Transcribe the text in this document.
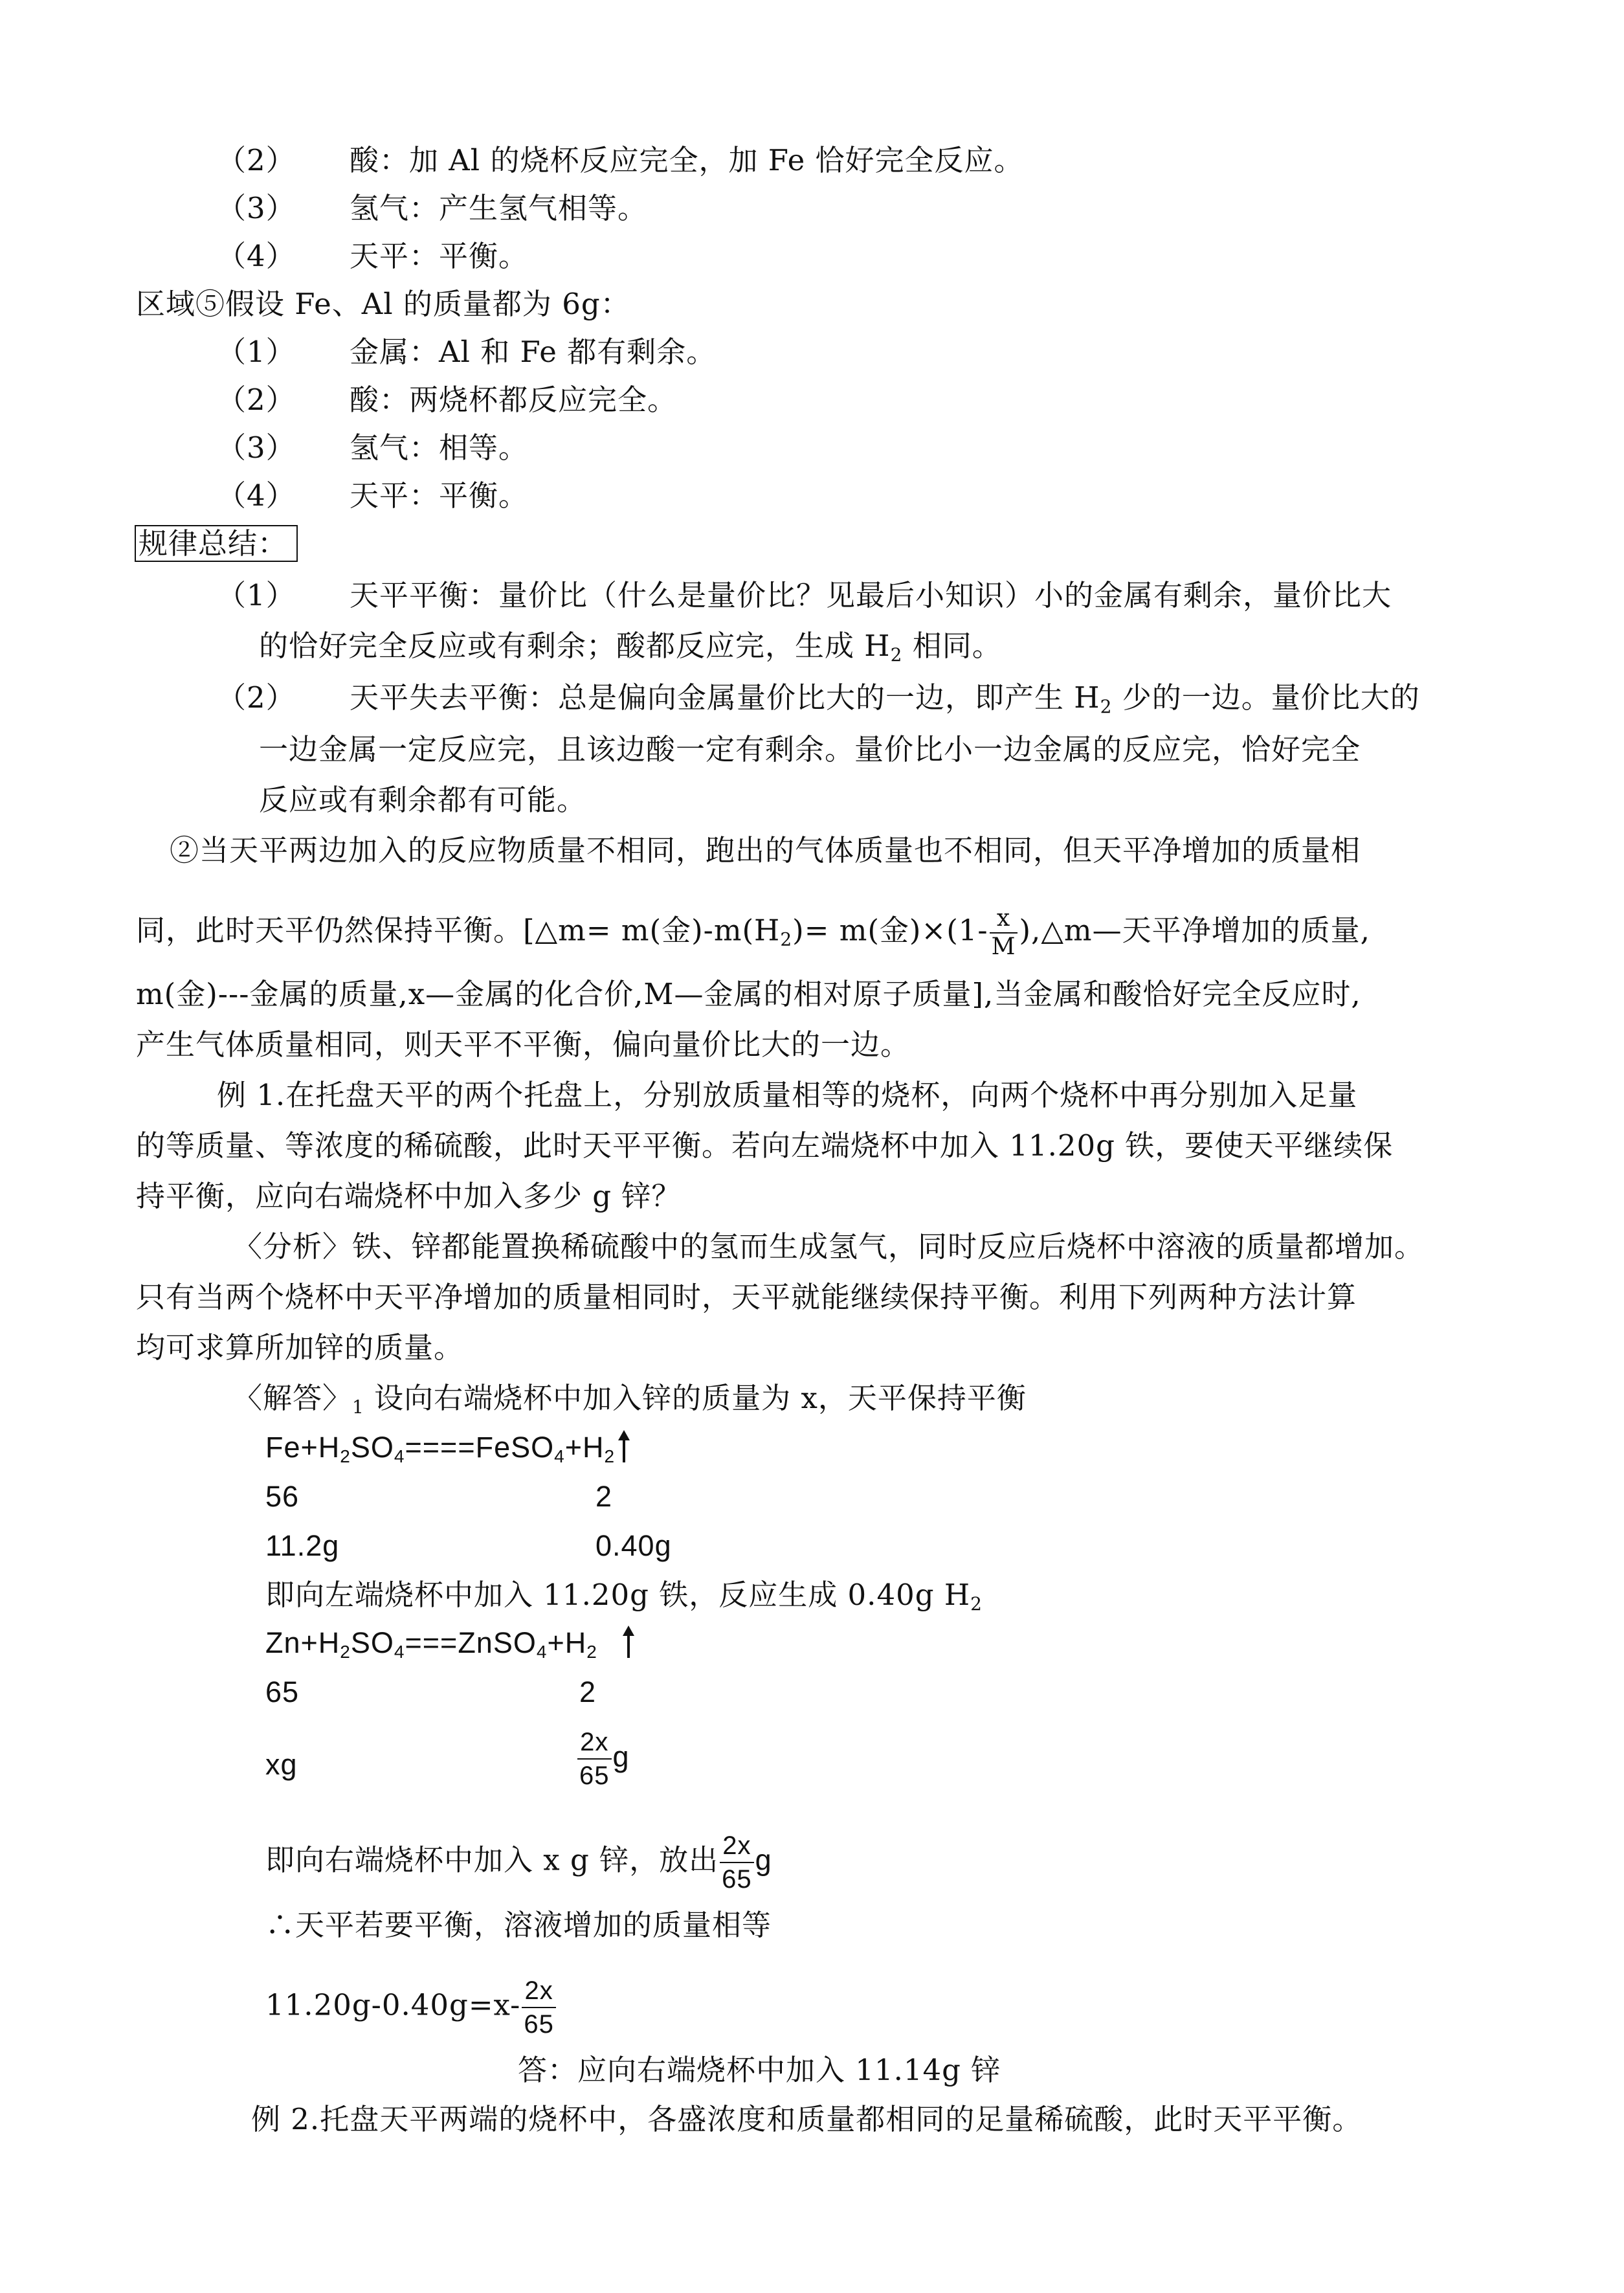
（2） 酸：加 Al 的烧杯反应完全，加 Fe 恰好完全反应。
（3） 氢气：产生氢气相等。
（4） 天平：平衡。
区域⑤假设 Fe、Al 的质量都为 6g：
（1） 金属：Al 和 Fe 都有剩余。
（2） 酸：两烧杯都反应完全。
（3） 氢气：相等。
（4） 天平：平衡。
规律总结：
（1） 天平平衡：量价比（什么是量价比？见最后小知识）小的金属有剩余，量价比大
的恰好完全反应或有剩余；酸都反应完，生成 $H_2$ 相同。
（2） 天平失去平衡：总是偏向金属量价比大的一边，即产生 $H_2$ 少的一边。量价比大的
一边金属一定反应完，且该边酸一定有剩余。量价比小一边金属的反应完，恰好完全
反应或有剩余都有可能。
②当天平两边加入的反应物质量不相同，跑出的气体质量也不相同，但天平净增加的质量相
同，此时天平仍然保持平衡。[△m= m(金)$-m(H_2)= m$(金)$\times(1- \frac{x}{M}$ ),△m—天平净增加的质量,
m(金)---金属的质量,x—金属的化合价,M—金属的相对原子质量],当金属和酸恰好完全反应时,
产生气体质量相同，则天平不平衡，偏向量价比大的一边。
例 1.在托盘天平的两个托盘上，分别放质量相等的烧杯，向两个烧杯中再分别加入足量
的等质量、等浓度的稀硫酸，此时天平平衡。若向左端烧杯中加入 11.20g 铁，要使天平继续保
持平衡，应向右端烧杯中加入多少 g 锌？
〈分析〉铁、锌都能置换稀硫酸中的氢而生成氢气，同时反应后烧杯中溶液的质量都增加。
只有当两个烧杯中天平净增加的质量相同时，天平就能继续保持平衡。利用下列两种方法计算
均可求算所加锌的质量。
〈解答〉$_1$ 设向右端烧杯中加入锌的质量为 x，天平保持平衡
$Fe+H_2SO_4====FeSO_4+H_2$
56	2
11.2g	0.40g
即向左端烧杯中加入 11.20g 铁，反应生成 0.40g $H_2$
$Zn+H_2SO_4===ZnSO_4+H_2$
65	2
xg	$\frac{2x}{65}$ g
即向右端烧杯中加入 x g 锌，放出 $\frac{2x}{65}$ g
∴天平若要平衡，溶液增加的质量相等
$11.20g-0.40g=x- \frac{2x}{65}$
答：应向右端烧杯中加入 11.14g 锌
例 2.托盘天平两端的烧杯中，各盛浓度和质量都相同的足量稀硫酸，此时天平平衡。
